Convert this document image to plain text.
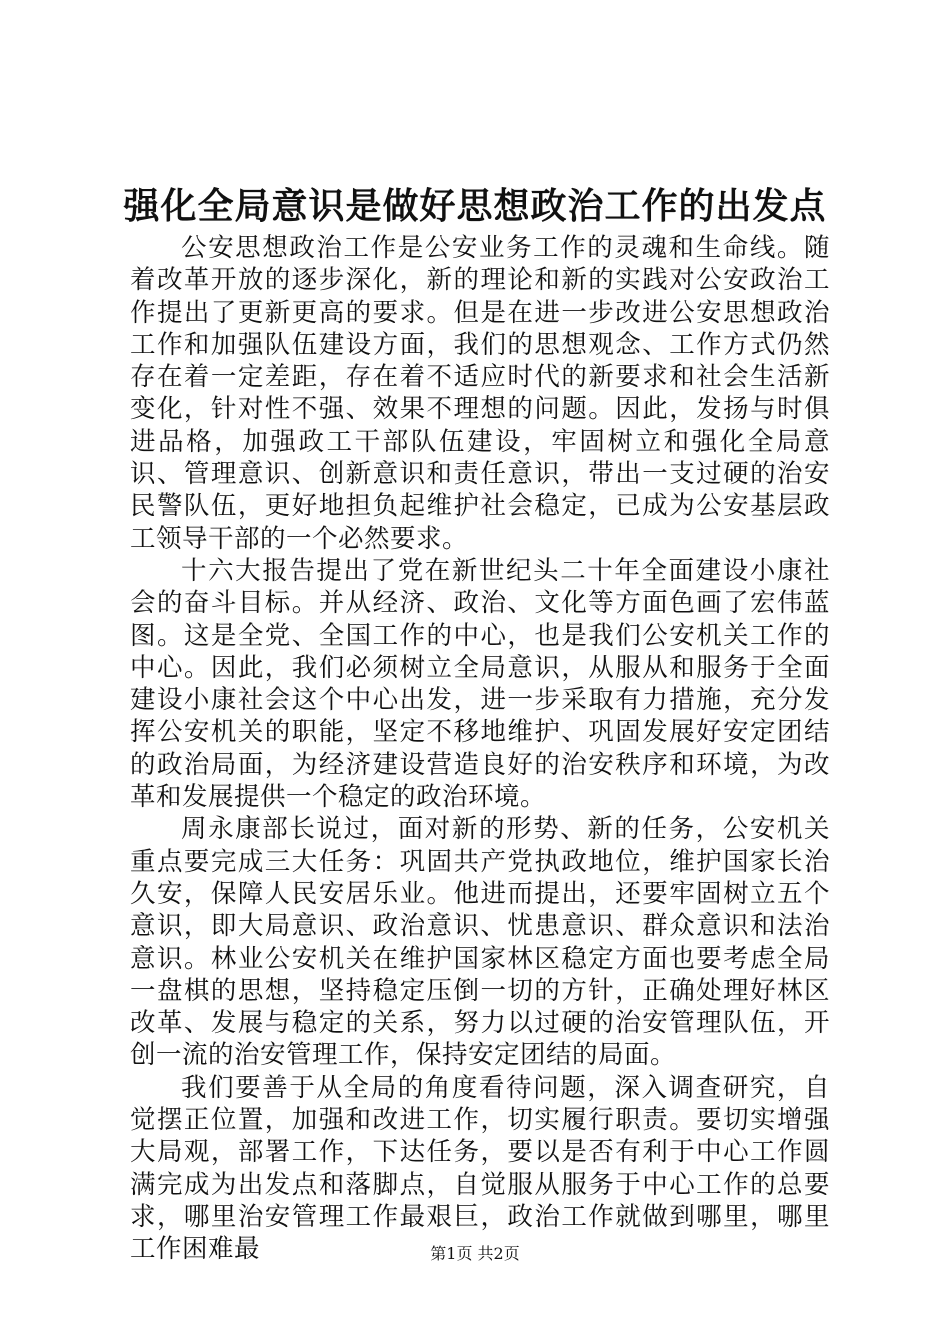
强化全局意识是做好思想政治工作的出发点

公安思想政治工作是公安业务工作的灵魂和生命线。随着改革开放的逐步深化，新的理论和新的实践对公安政治工作提出了更新更高的要求。但是在进一步改进公安思想政治工作和加强队伍建设方面，我们的思想观念、工作方式仍然存在着一定差距，存在着不适应时代的新要求和社会生活新变化，针对性不强、效果不理想的问题。因此，发扬与时俱进品格，加强政工干部队伍建设，牢固树立和强化全局意识、管理意识、创新意识和责任意识，带出一支过硬的治安民警队伍，更好地担负起维护社会稳定，已成为公安基层政工领导干部的一个必然要求。

十六大报告提出了党在新世纪头二十年全面建设小康社会的奋斗目标。并从经济、政治、文化等方面色画了宏伟蓝图。这是全党、全国工作的中心，也是我们公安机关工作的中心。因此，我们必须树立全局意识，从服从和服务于全面建设小康社会这个中心出发，进一步采取有力措施，充分发挥公安机关的职能，坚定不移地维护、巩固发展好安定团结的政治局面，为经济建设营造良好的治安秩序和环境，为改革和发展提供一个稳定的政治环境。

周永康部长说过，面对新的形势、新的任务，公安机关重点要完成三大任务：巩固共产党执政地位，维护国家长治久安，保障人民安居乐业。他进而提出，还要牢固树立五个意识，即大局意识、政治意识、忧患意识、群众意识和法治意识。林业公安机关在维护国家林区稳定方面也要考虑全局一盘棋的思想，坚持稳定压倒一切的方针，正确处理好林区改革、发展与稳定的关系，努力以过硬的治安管理队伍，开创一流的治安管理工作，保持安定团结的局面。

我们要善于从全局的角度看待问题，深入调查研究，自觉摆正位置，加强和改进工作，切实履行职责。要切实增强大局观，部署工作，下达任务，要以是否有利于中心工作圆满完成为出发点和落脚点，自觉服从服务于中心工作的总要求，哪里治安管理工作最艰巨，政治工作就做到哪里，哪里工作困难最	第1页 共2页
